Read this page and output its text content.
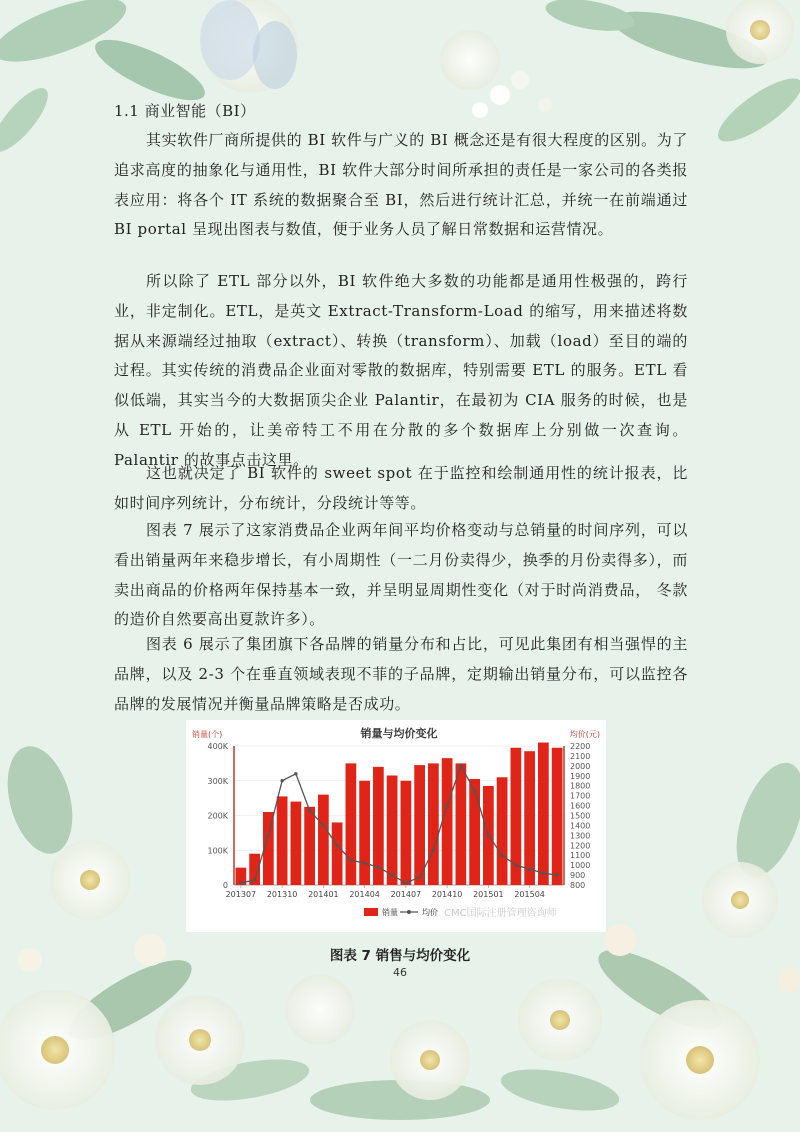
1.1 商业智能（BI）

其实软件厂商所提供的 BI 软件与广义的 BI 概念还是有很大程度的区别。为了追求高度的抽象化与通用性，BI 软件大部分时间所承担的责任是一家公司的各类报表应用：将各个 IT 系统的数据聚合至 BI，然后进行统计汇总，并统一在前端通过 BI portal 呈现出图表与数值，便于业务人员了解日常数据和运营情况。

所以除了 ETL 部分以外，BI 软件绝大多数的功能都是通用性极强的，跨行业，非定制化。ETL，是英文 Extract-Transform-Load 的缩写，用来描述将数据从来源端经过抽取（extract）、转换（transform）、加载（load）至目的端的过程。其实传统的消费品企业面对零散的数据库，特别需要 ETL 的服务。ETL 看似低端，其实当今的大数据顶尖企业 Palantir，在最初为 CIA 服务的时候，也是从 ETL 开始的，让美帝特工不用在分散的多个数据库上分别做一次查询。Palantir 的故事点击这里。

这也就决定了 BI 软件的 sweet spot 在于监控和绘制通用性的统计报表，比如时间序列统计，分布统计，分段统计等等。

图表 7 展示了这家消费品企业两年间平均价格变动与总销量的时间序列，可以看出销量两年来稳步增长，有小周期性（一二月份卖得少，换季的月份卖得多），而卖出商品的价格两年保持基本一致，并呈明显周期性变化（对于时尚消费品， 冬款的造价自然要高出夏款许多）。

图表 6 展示了集团旗下各品牌的销量分布和占比，可见此集团有相当强悍的主品牌，以及 2-3 个在垂直领域表现不菲的子品牌，定期输出销量分布，可以监控各品牌的发展情况并衡量品牌策略是否成功。

销量与均价变化
销量(个)	均价(元)
0
100K
200K
300K
400K
800
900
1000
1100
1200
1300
1400
1500
1600
1700
1800
1900
2000
2100
2200
201307 201310 201401 201404 201407 201410 201501 201504
销量	均价 CMC国际注册管理咨询师
图表 7 销售与均价变化
46
